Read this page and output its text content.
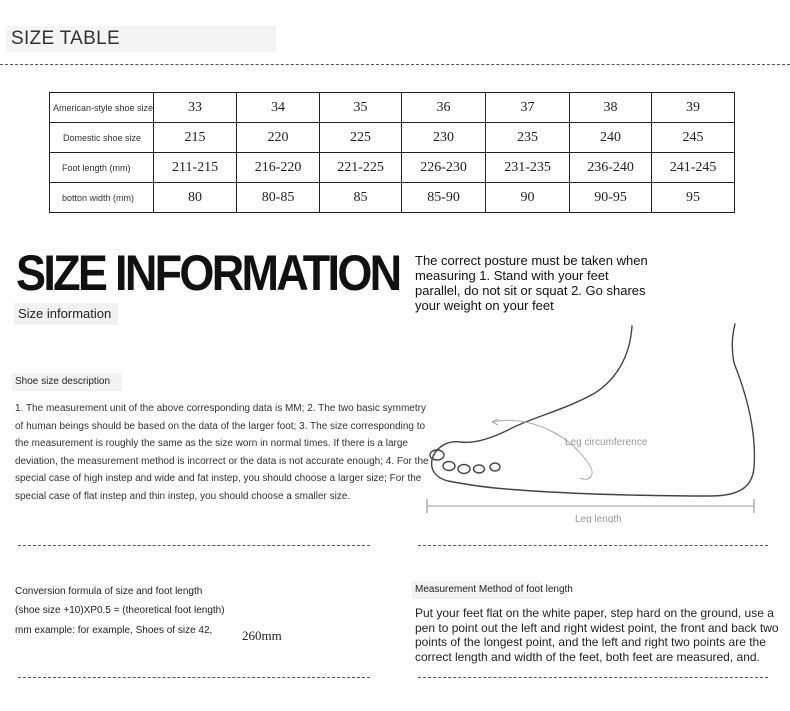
SIZE TABLE
American-style shoe size	33	34	35	36	37	38	39
Domestic shoe size	215	220	225	230	235	240	245
Foot length (mm)	211-215	216-220	221-225	226-230	231-235	236-240	241-245
botton width (mm)	80	80-85	85	85-90	90	90-95	95
SIZE INFORMATION
Size information
The correct posture must be taken when measuring 1. Stand with your feet parallel, do not sit or squat 2. Go shares your weight on your feet
Leg circumference
Leg length
Shoe size description
1. The measurement unit of the above corresponding data is MM; 2. The two basic symmetry of human beings should be based on the data of the larger foot; 3. The size corresponding to the measurement is roughly the same as the size worn in normal times. If there is a large deviation, the measurement method is incorrect or the data is not accurate enough; 4. For the special case of high instep and wide and fat instep, you should choose a larger size; For the special case of flat instep and thin instep, you should choose a smaller size.
Conversion formula of size and foot length
(shoe size +10)XP0.5 = (theoretical foot length)
mm example: for example, Shoes of size 42, 260mm
Measurement Method of foot length
Put your feet flat on the white paper, step hard on the ground, use a pen to point out the left and right widest point, the front and back two points of the longest point, and the left and right two points are the correct length and width of the feet, both feet are measured, and.
